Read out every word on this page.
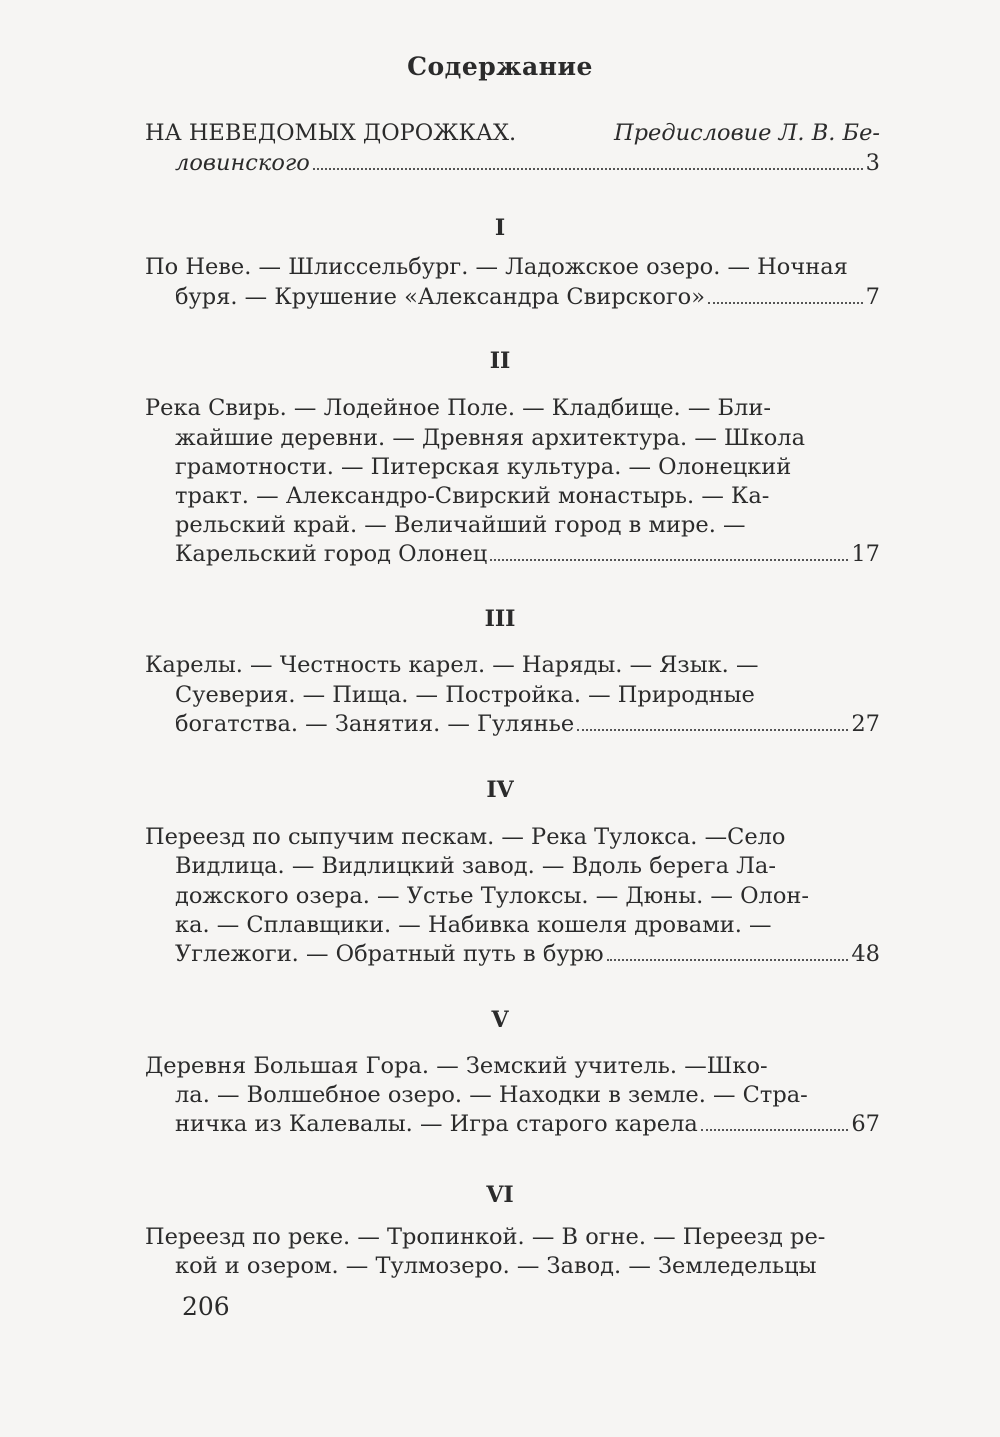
Содержание
НА НЕВЕДОМЫХ ДОРОЖКАХ.	Предисловие Л. В. Бе-
ловинского	3
I
По Неве. — Шлиссельбург. — Ладожское озеро. — Ночная
буря. — Крушение «Александра Свирского»	7
II
Река Свирь. — Лодейное Поле. — Кладбище. — Бли-
жайшие деревни. — Древняя архитектура. — Школа
грамотности. — Питерская культура. — Олонецкий
тракт. — Александро-Свирский монастырь. — Ка-
рельский край. — Величайший город в мире. —
Карельский город Олонец	17
III
Карелы. — Честность карел. — Наряды. — Язык. —
Суеверия. — Пища. — Постройка. — Природные
богатства. — Занятия. — Гулянье	27
IV
Переезд по сыпучим пескам. — Река Тулокса. —Село
Видлица. — Видлицкий завод. — Вдоль берега Ла-
дожского озера. — Устье Тулоксы. — Дюны. — Олон-
ка. — Сплавщики. — Набивка кошеля дровами. —
Углежоги. — Обратный путь в бурю	48
V
Деревня Большая Гора. — Земский учитель. —Шко-
ла. — Волшебное озеро. — Находки в земле. — Стра-
ничка из Калевалы. — Игра старого карела	67
VI
Переезд по реке. — Тропинкой. — В огне. — Переезд ре-
кой и озером. — Тулмозеро. — Завод. — Земледельцы
206
